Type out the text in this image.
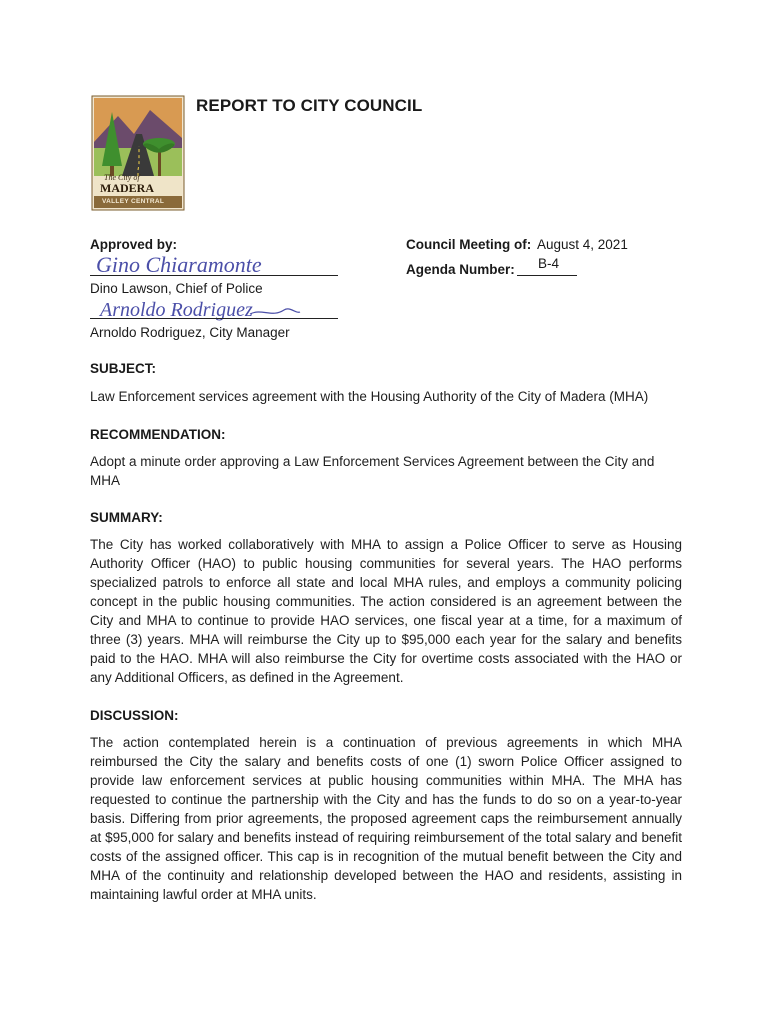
The City of
MADERA
VALLEY CENTRAL
REPORT TO CITY COUNCIL
Approved by:
Gino Chiaramonte
Dino Lawson, Chief of Police
Arnoldo Rodriguez
Arnoldo Rodriguez, City Manager
Council Meeting of: August 4, 2021
Agenda Number: B-4
SUBJECT:
Law Enforcement services agreement with the Housing Authority of the City of Madera (MHA)
RECOMMENDATION:
Adopt a minute order approving a Law Enforcement Services Agreement between the City and MHA
SUMMARY:
The City has worked collaboratively with MHA to assign a Police Officer to serve as Housing Authority Officer (HAO) to public housing communities for several years. The HAO performs specialized patrols to enforce all state and local MHA rules, and employs a community policing concept in the public housing communities. The action considered is an agreement between the City and MHA to continue to provide HAO services, one fiscal year at a time, for a maximum of three (3) years. MHA will reimburse the City up to $95,000 each year for the salary and benefits paid to the HAO. MHA will also reimburse the City for overtime costs associated with the HAO or any Additional Officers, as defined in the Agreement.
DISCUSSION:
The action contemplated herein is a continuation of previous agreements in which MHA reimbursed the City the salary and benefits costs of one (1) sworn Police Officer assigned to provide law enforcement services at public housing communities within MHA. The MHA has requested to continue the partnership with the City and has the funds to do so on a year-to-year basis. Differing from prior agreements, the proposed agreement caps the reimbursement annually at $95,000 for salary and benefits instead of requiring reimbursement of the total salary and benefit costs of the assigned officer. This cap is in recognition of the mutual benefit between the City and MHA of the continuity and relationship developed between the HAO and residents, assisting in maintaining lawful order at MHA units.
